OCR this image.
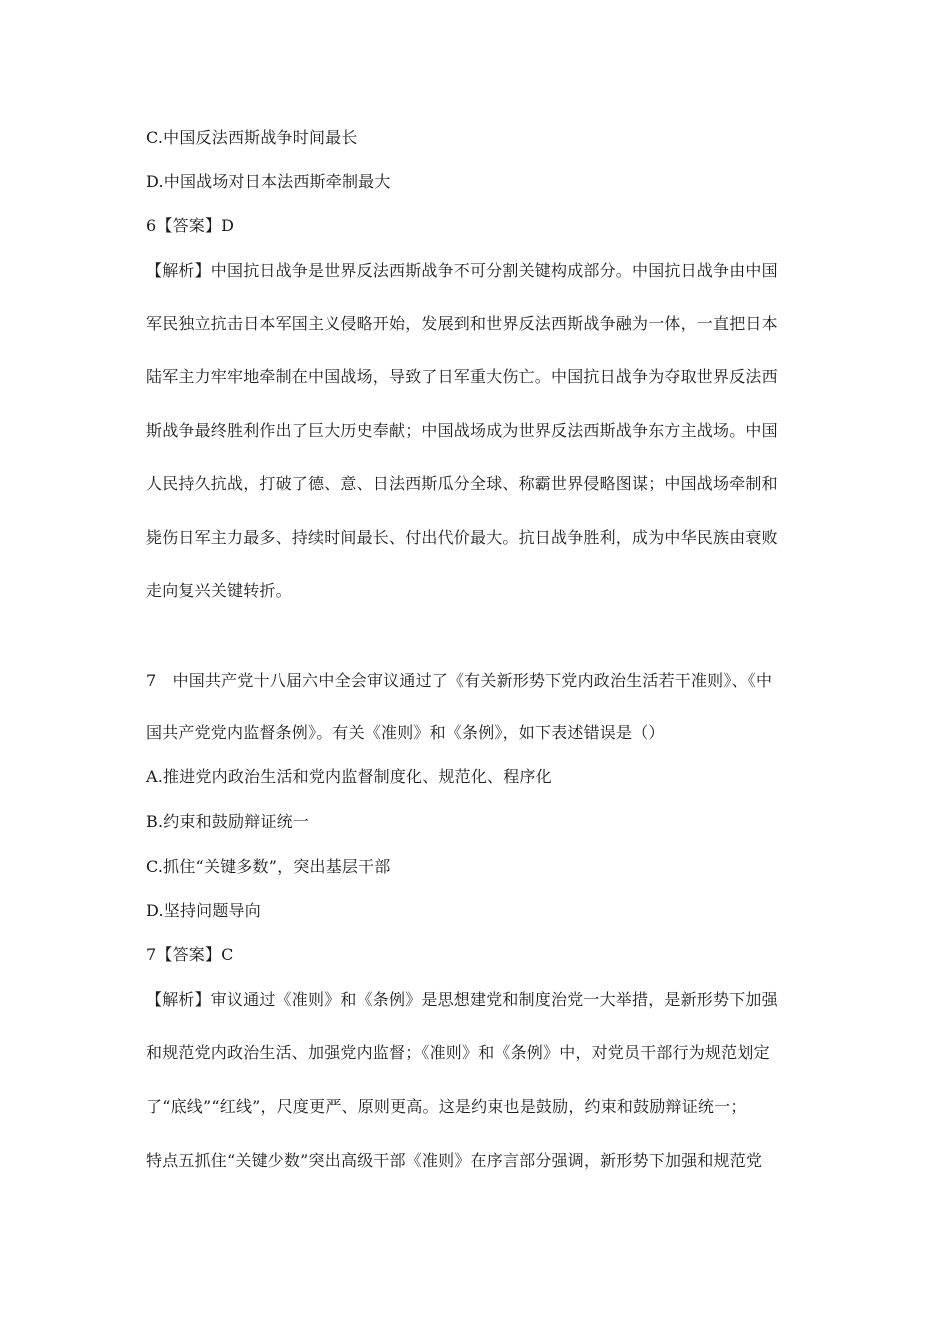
C.中国反法西斯战争时间最长
D.中国战场对日本法西斯牵制最大
6【答案】D
【解析】中国抗日战争是世界反法西斯战争不可分割关键构成部分。中国抗日战争由中国
军民独立抗击日本军国主义侵略开始，发展到和世界反法西斯战争融为一体，一直把日本
陆军主力牢牢地牵制在中国战场，导致了日军重大伤亡。中国抗日战争为夺取世界反法西
斯战争最终胜利作出了巨大历史奉献；中国战场成为世界反法西斯战争东方主战场。中国
人民持久抗战，打破了德、意、日法西斯瓜分全球、称霸世界侵略图谋；中国战场牵制和
毙伤日军主力最多、持续时间最长、付出代价最大。抗日战争胜利，成为中华民族由衰败
走向复兴关键转折。
7　中国共产党十八届六中全会审议通过了《有关新形势下党内政治生活若干准则》、《中
国共产党党内监督条例》。有关《准则》和《条例》，如下表述错误是（）
A.推进党内政治生活和党内监督制度化、规范化、程序化
B.约束和鼓励辩证统一
C.抓住“关键多数”，突出基层干部
D.坚持问题导向
7【答案】C
【解析】审议通过《准则》和《条例》是思想建党和制度治党一大举措，是新形势下加强
和规范党内政治生活、加强党内监督；《准则》和《条例》中，对党员干部行为规范划定
了“底线”“红线”，尺度更严、原则更高。这是约束也是鼓励，约束和鼓励辩证统一；
特点五抓住“关键少数”突出高级干部《准则》在序言部分强调，新形势下加强和规范党
